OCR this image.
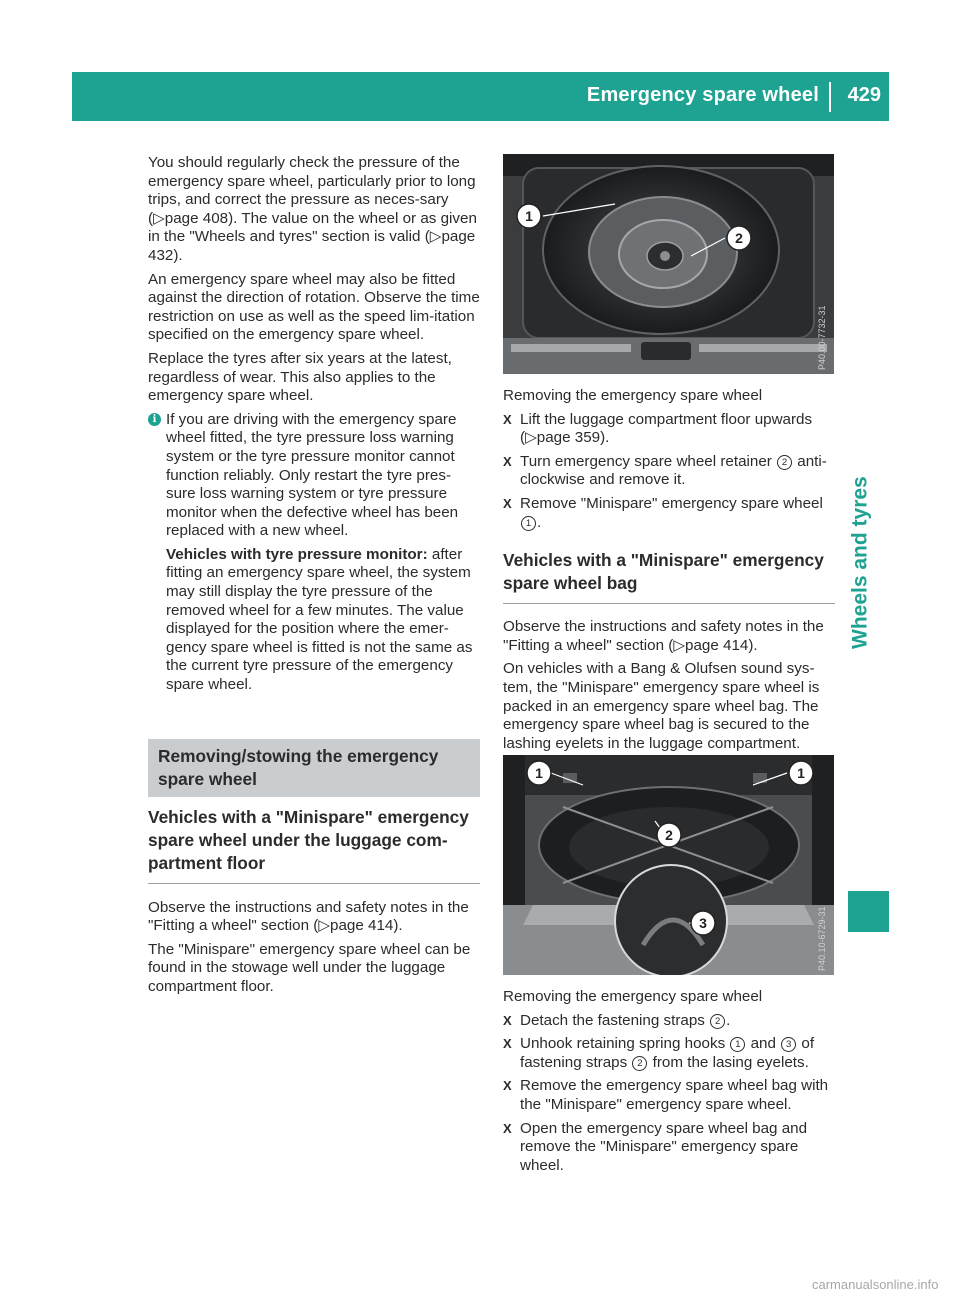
Emergency spare wheel 429
Wheels and tyres

You should regularly check the pressure of the emergency spare wheel, particularly prior to long trips, and correct the pressure as neces-sary (▷page 408). The value on the wheel or as given in the "Wheels and tyres" section is valid (▷page 432).

An emergency spare wheel may also be fitted against the direction of rotation. Observe the time restriction on use as well as the speed lim-itation specified on the emergency spare wheel.

Replace the tyres after six years at the latest, regardless of wear. This also applies to the emergency spare wheel.

i If you are driving with the emergency spare wheel fitted, the tyre pressure loss warning system or the tyre pressure monitor cannot function reliably. Only restart the tyre pres-sure loss warning system or tyre pressure monitor when the defective wheel has been replaced with a new wheel.

Vehicles with tyre pressure monitor: after fitting an emergency spare wheel, the system may still display the tyre pressure of the removed wheel for a few minutes. The value displayed for the position where the emer-gency spare wheel is fitted is not the same as the current tyre pressure of the emergency spare wheel.

Removing/stowing the emergency spare wheel
Vehicles with a "Minispare" emergency spare wheel under the luggage com-partment floor

Observe the instructions and safety notes in the "Fitting a wheel" section (▷page 414).

The "Minispare" emergency spare wheel can be found in the stowage well under the luggage compartment floor.

1
2
P40.00-7732-31

Removing the emergency spare wheel

X Lift the luggage compartment floor upwards (▷page 359).
X Turn emergency spare wheel retainer 2 anti-clockwise and remove it.
X Remove "Minispare" emergency spare wheel 1 .
Vehicles with a "Minispare" emergency spare wheel bag

Observe the instructions and safety notes in the "Fitting a wheel" section (▷page 414).

On vehicles with a Bang & Olufsen sound sys-tem, the "Minispare" emergency spare wheel is packed in an emergency spare wheel bag. The emergency spare wheel bag is secured to the lashing eyelets in the luggage compartment.

1	1
2
3	P40.10-6729-31

Removing the emergency spare wheel

X Detach the fastening straps 2 .
X Unhook retaining spring hooks 1 and 3 of fastening straps 2 from the lasing eyelets.
X Remove the emergency spare wheel bag with the "Minispare" emergency spare wheel.
X Open the emergency spare wheel bag and remove the "Minispare" emergency spare wheel.
carmanualsonline.info
